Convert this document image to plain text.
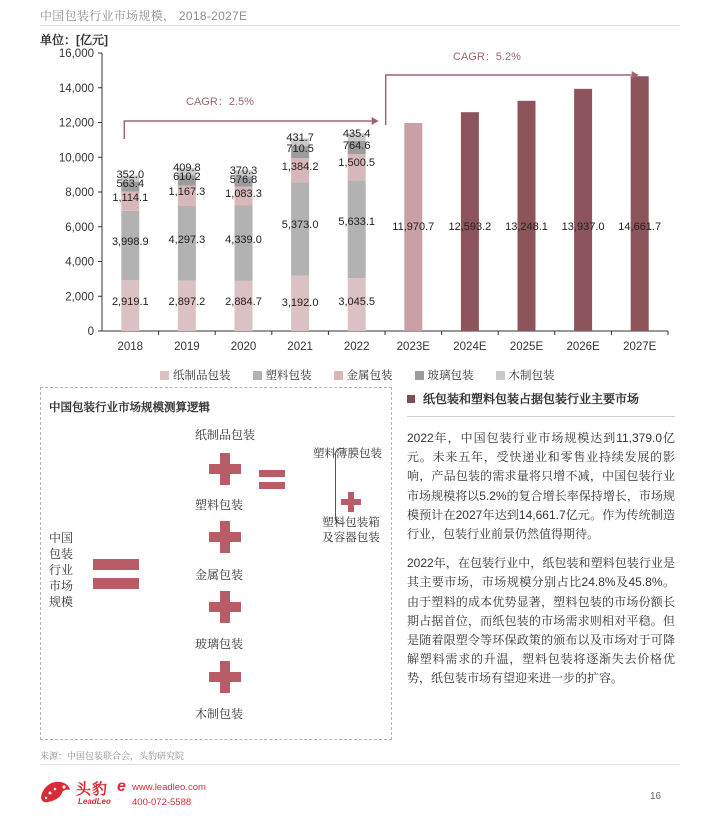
中国包装行业市场规模， 2018-2027E
单位：[亿元]
0
2,000
4,000
6,000
8,000
10,000
12,000
14,000
16,000
2018	2019	2020	2021	2022 2023E 2024E 2025E 2026E 2027E
2,919.1
3,998.9
1,114.1
563.4
352.0
2,897.2
4,297.3
1,167.3
610.2
409.8
2,884.7
4,339.0
1,083.3
576.8
370.3
3,192.0
5,373.0
1,384.2
710.5
431.7
3,045.5
5,633.1
1,500.5
764.6
435.4
11,970.7 12,593.2 13,248.1 13,937.0 14,661.7
CAGR：2.5%
CAGR：5.2%
纸制品包装	塑料包装	金属包装	玻璃包装	木制包装
中国包装行业市场规模测算逻辑
中国包装行业市场规模
纸制品包装
塑料包装
金属包装
玻璃包装
木制包装
塑料薄膜包装
塑料包装箱及容器包装
纸包装和塑料包装占据包装行业主要市场

2022年，中国包装行业市场规模达到11,379.0亿元。未来五年，受快递业和零售业持续发展的影响，产品包装的需求量将只增不减，中国包装行业市场规模将以5.2%的复合增长率保持增长，市场规模预计在2027年达到14,661.7亿元。作为传统制造行业，包装行业前景仍然值得期待。

2022年，在包装行业中，纸包装和塑料包装行业是其主要市场，市场规模分别占比24.8%及45.8%。由于塑料的成本优势显著，塑料包装的市场份额长期占据首位，而纸包装的市场需求则相对平稳。但是随着限塑令等环保政策的颁布以及市场对于可降解塑料需求的升温，塑料包装将逐渐失去价格优势，纸包装市场有望迎来进一步的扩容。

来源：中国包装联合会，头豹研究院
头豹
LeadLeo
e www.leadleo.com
400-072-5588
16
